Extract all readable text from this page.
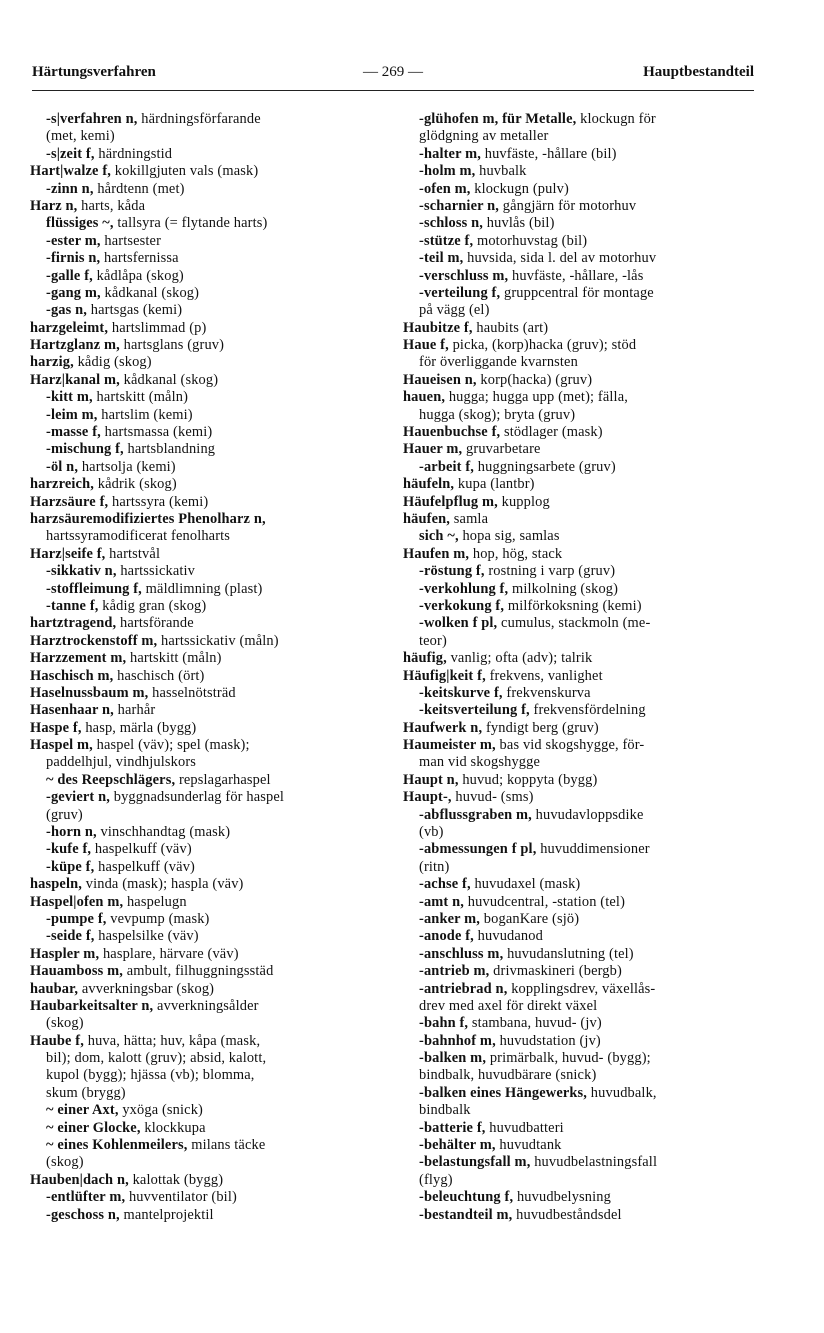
— 269 —
Härtungsverfahren	Hauptbestandteil
-s|verfahren n, härdningsförfarande
(met, kemi)
-s|zeit f, härdningstid
Hart|walze f, kokillgjuten vals (mask)
-zinn n, hårdtenn (met)
Harz n, harts, kåda
flüssiges ~, tallsyra (= flytande harts)
-ester m, hartsester
-firnis n, hartsfernissa
-galle f, kådlåpa (skog)
-gang m, kådkanal (skog)
-gas n, hartsgas (kemi)
harzgeleimt, hartslimmad (p)
Hartzglanz m, hartsglans (gruv)
harzig, kådig (skog)
Harz|kanal m, kådkanal (skog)
-kitt m, hartskitt (måln)
-leim m, hartslim (kemi)
-masse f, hartsmassa (kemi)
-mischung f, hartsblandning
-öl n, hartsolja (kemi)
harzreich, kådrik (skog)
Harzsäure f, hartssyra (kemi)
harzsäuremodifiziertes Phenolharz n,
hartssyramodificerat fenolharts
Harz|seife f, hartstvål
-sikkativ n, hartssickativ
-stoffleimung f, mäldlimning (plast)
-tanne f, kådig gran (skog)
hartztragend, hartsförande
Harztrockenstoff m, hartssickativ (måln)
Harzzement m, hartskitt (måln)
Haschisch m, haschisch (ört)
Haselnussbaum m, hasselnötsträd
Hasenhaar n, harhår
Haspe f, hasp, märla (bygg)
Haspel m, haspel (väv); spel (mask);
paddelhjul, vindhjulskors
~ des Reepschlägers, repslagarhaspel
-geviert n, byggnadsunderlag för haspel
(gruv)
-horn n, vinschhandtag (mask)
-kufe f, haspelkuff (väv)
-küpe f, haspelkuff (väv)
haspeln, vinda (mask); haspla (väv)
Haspel|ofen m, haspelugn
-pumpe f, vevpump (mask)
-seide f, haspelsilke (väv)
Haspler m, hasplare, härvare (väv)
Hauamboss m, ambult, filhuggningsstäd
haubar, avverkningsbar (skog)
Haubarkeitsalter n, avverkningsålder
(skog)
Haube f, huva, hätta; huv, kåpa (mask,
bil); dom, kalott (gruv); absid, kalott,
kupol (bygg); hjässa (vb); blomma,
skum (brygg)
~ einer Axt, yxöga (snick)
~ einer Glocke, klockkupa
~ eines Kohlenmeilers, milans täcke
(skog)
Hauben|dach n, kalottak (bygg)
-entlüfter m, huvventilator (bil)
-geschoss n, mantelprojektil
-glühofen m, für Metalle, klockugn för
glödgning av metaller
-halter m, huvfäste, -hållare (bil)
-holm m, huvbalk
-ofen m, klockugn (pulv)
-scharnier n, gångjärn för motorhuv
-schloss n, huvlås (bil)
-stütze f, motorhuvstag (bil)
-teil m, huvsida, sida l. del av motorhuv
-verschluss m, huvfäste, -hållare, -lås
-verteilung f, gruppcentral för montage
på vägg (el)
Haubitze f, haubits (art)
Haue f, picka, (korp)hacka (gruv); stöd
för överliggande kvarnsten
Haueisen n, korp(hacka) (gruv)
hauen, hugga; hugga upp (met); fälla,
hugga (skog); bryta (gruv)
Hauenbuchse f, stödlager (mask)
Hauer m, gruvarbetare
-arbeit f, huggningsarbete (gruv)
häufeln, kupa (lantbr)
Häufelpflug m, kupplog
häufen, samla
sich ~, hopa sig, samlas
Haufen m, hop, hög, stack
-röstung f, rostning i varp (gruv)
-verkohlung f, milkolning (skog)
-verkokung f, milförkoksning (kemi)
-wolken f pl, cumulus, stackmoln (me-
teor)
häufig, vanlig; ofta (adv); talrik
Häufig|keit f, frekvens, vanlighet
-keitskurve f, frekvenskurva
-keitsverteilung f, frekvensfördelning
Haufwerk n, fyndigt berg (gruv)
Haumeister m, bas vid skogshygge, för-
man vid skogshygge
Haupt n, huvud; koppyta (bygg)
Haupt-, huvud- (sms)
-abflussgraben m, huvudavloppsdike
(vb)
-abmessungen f pl, huvuddimensioner
(ritn)
-achse f, huvudaxel (mask)
-amt n, huvudcentral, -station (tel)
-anker m, boganKare (sjö)
-anode f, huvudanod
-anschluss m, huvudanslutning (tel)
-antrieb m, drivmaskineri (bergb)
-antriebrad n, kopplingsdrev, växellås-
drev med axel för direkt växel
-bahn f, stambana, huvud- (jv)
-bahnhof m, huvudstation (jv)
-balken m, primärbalk, huvud- (bygg);
bindbalk, huvudbärare (snick)
-balken eines Hängewerks, huvudbalk,
bindbalk
-batterie f, huvudbatteri
-behälter m, huvudtank
-belastungsfall m, huvudbelastningsfall
(flyg)
-beleuchtung f, huvudbelysning
-bestandteil m, huvudbeståndsdel
